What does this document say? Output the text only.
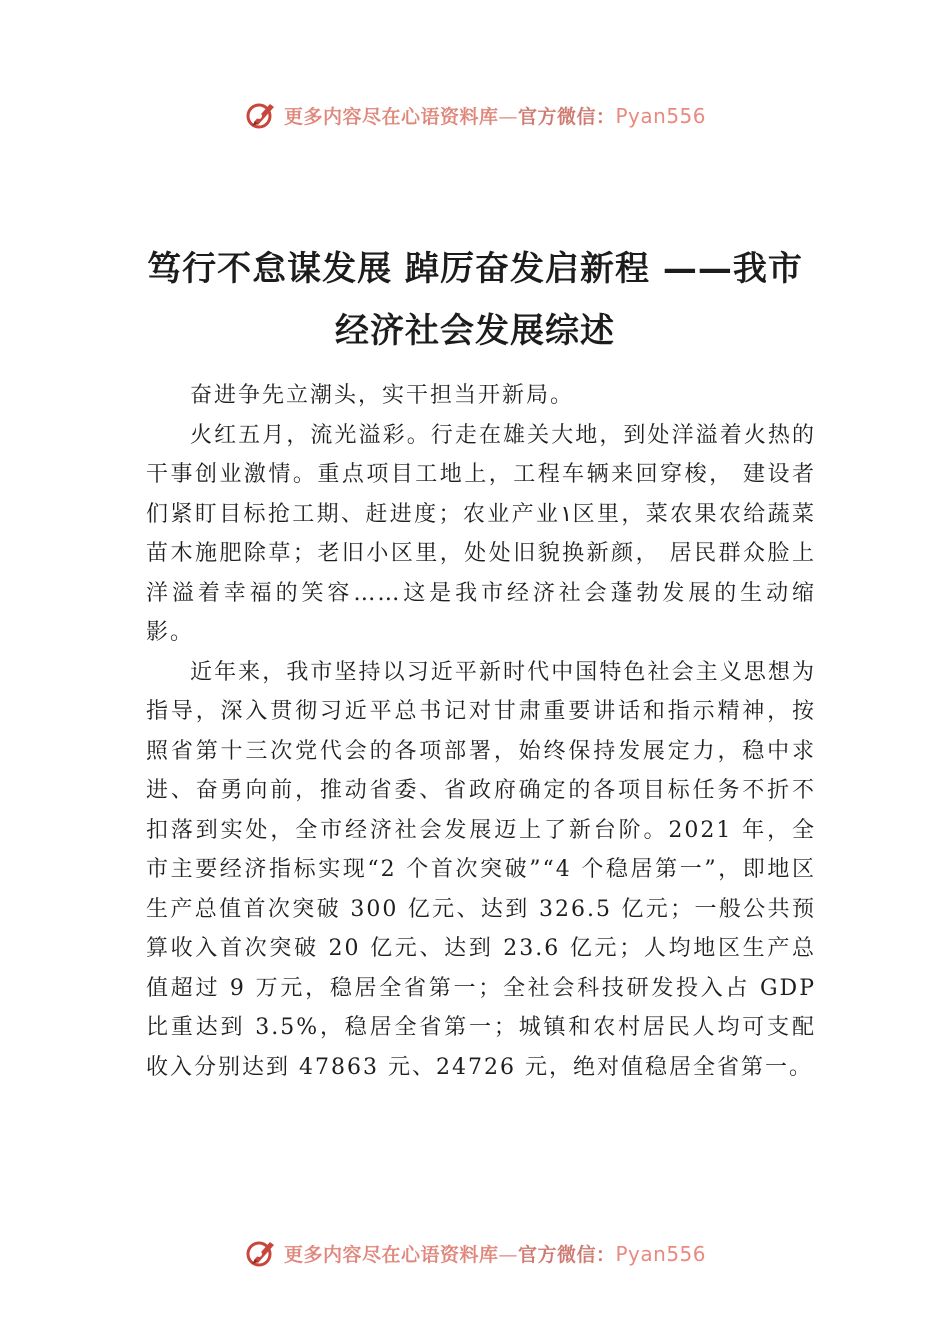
更多内容尽在心语资料库—官方微信：Pyan556
笃行不怠谋发展 踔厉奋发启新程 ——我市经济社会发展综述

奋进争先立潮头，实干担当开新局。

火红五月，流光溢彩。行走在雄关大地，到处洋溢着火热的干事创业激情。重点项目工地上，工程车辆来回穿梭， 建设者们紧盯目标抢工期、赶进度；农业产业١区里，菜农果农给蔬菜苗木施肥除草；老旧小区里，处处旧貌换新颜， 居民群众脸上洋溢着幸福的笑容……这是我市经济社会蓬勃发展的生动缩影。

近年来，我市坚持以习近平新时代中国特色社会主义思想为指导，深入贯彻习近平总书记对甘肃重要讲话和指示精神，按照省第十三次党代会的各项部署，始终保持发展定力，稳中求进、奋勇向前，推动省委、省政府确定的各项目标任务不折不扣落到实处，全市经济社会发展迈上了新台阶。2021 年，全市主要经济指标实现“2 个首次突破”“4 个稳居第一”，即地区生产总值首次突破 300 亿元、达到 326.5 亿元；一般公共预算收入首次突破 20 亿元、达到 23.6 亿元；人均地区生产总值超过 9 万元，稳居全省第一；全社会科技研发投入占 GDP 比重达到 3.5%，稳居全省第一；城镇和农村居民人均可支配收入分别达到 47863 元、24726 元，绝对值稳居全省第一。

更多内容尽在心语资料库—官方微信：Pyan556
